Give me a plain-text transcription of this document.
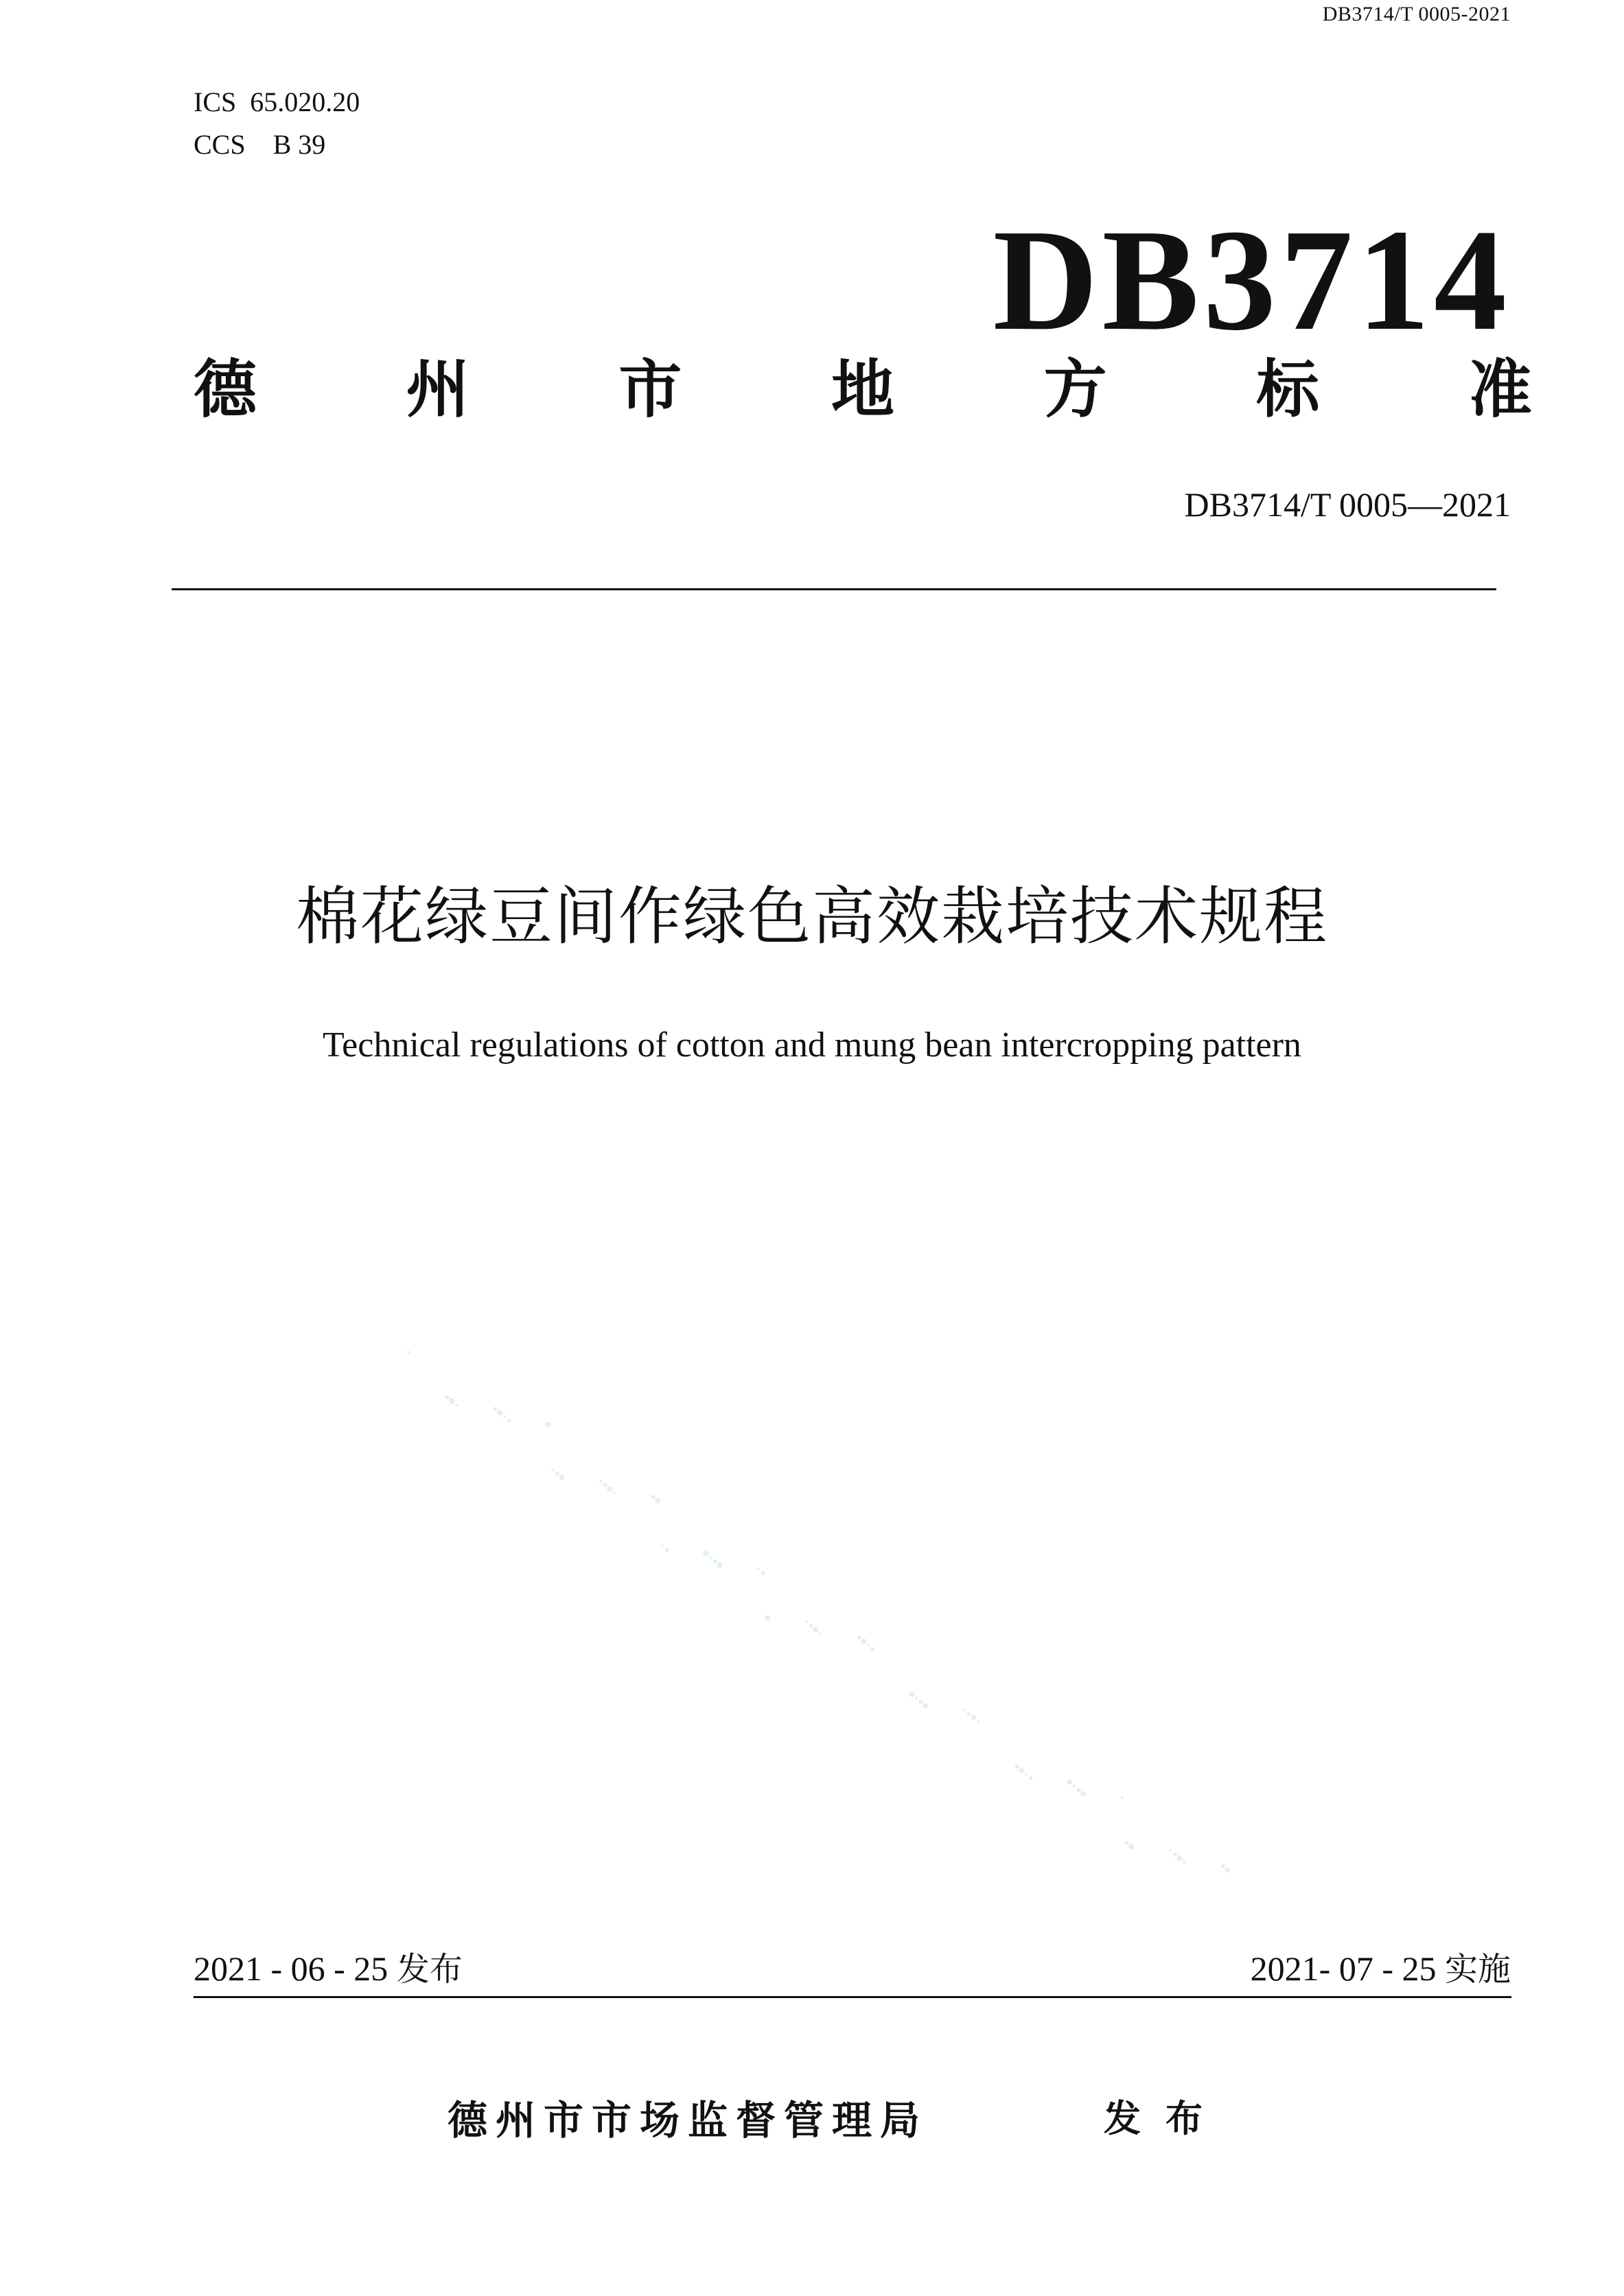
DB3714/T 0005-2021
ICS  65.020.20
CCS    B 39
DB3714
德 州 市 地 方 标 准
DB3714/T 0005—2021
棉花绿豆间作绿色高效栽培技术规程
Technical regulations of cotton and mung bean intercropping pattern
2021 - 06 - 25 发布	2021- 07 - 25 实施
德州市市场监督管理局	发布
